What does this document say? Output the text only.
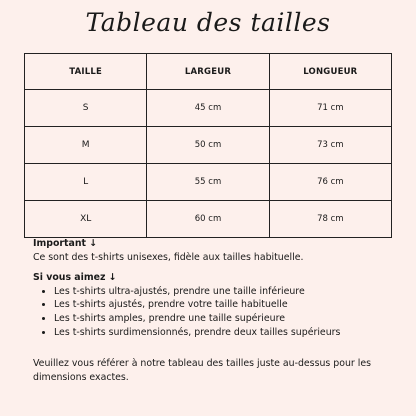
Tableau des tailles
TAILLE	LARGEUR	LONGUEUR
S	45 cm	71 cm
M	50 cm	73 cm
L	55 cm	76 cm
XL	60 cm	78 cm
Important ↓
Ce sont des t-shirts unisexes, fidèle aux tailles habituelle.
Si vous aimez ↓
• Les t-shirts ultra-ajustés, prendre une taille inférieure
• Les t-shirts ajustés, prendre votre taille habituelle
• Les t-shirts amples, prendre une taille supérieure
• Les t-shirts surdimensionnés, prendre deux tailles supérieurs
Veuillez vous référer à notre tableau des tailles juste au-dessus pour les dimensions exactes.
